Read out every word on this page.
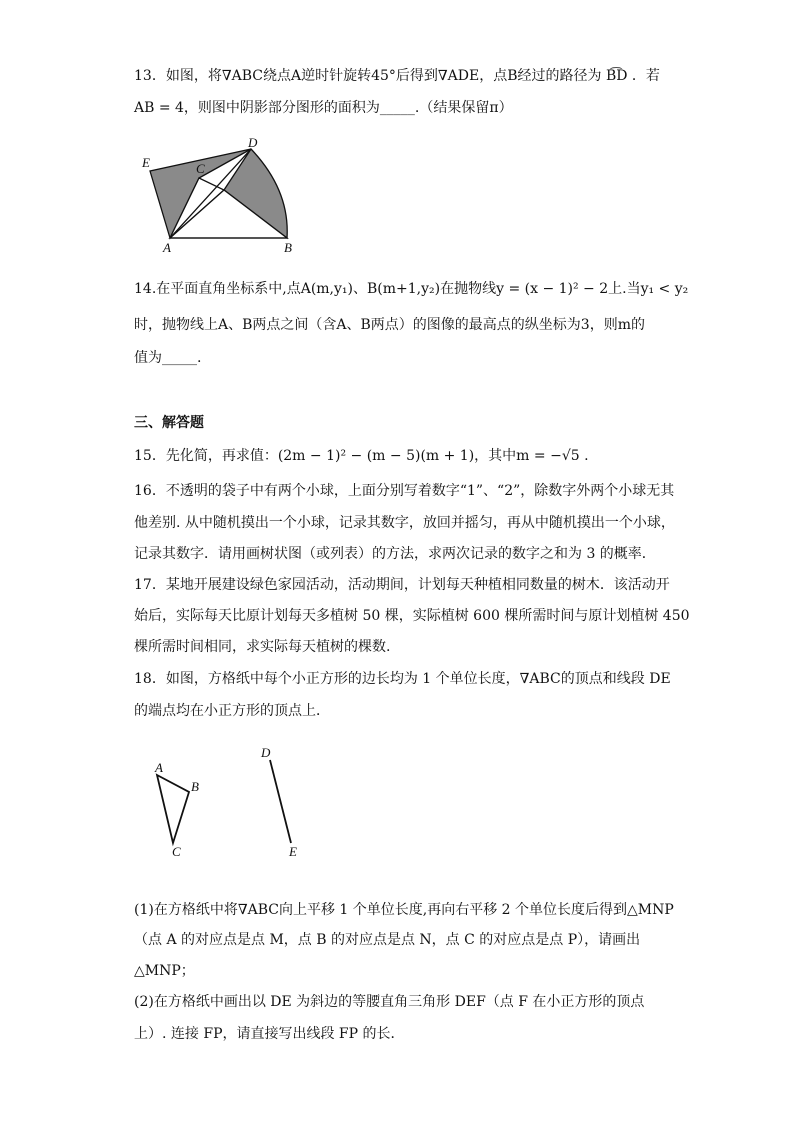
13．如图，将∇ABC绕点A逆时针旋转45°后得到∇ADE，点B经过的路径为 B͡D ．若
AB = 4，则图中阴影部分图形的面积为_____.（结果保留π）
E	C
D
A	B
14.在平面直角坐标系中,点A(m,y₁)、B(m+1,y₂)在抛物线y = (x − 1)² − 2上.当y₁ < y₂
时，抛物线上A、B两点之间（含A、B两点）的图像的最高点的纵坐标为3，则m的
值为_____.
三、解答题
15．先化简，再求值：(2m − 1)² − (m − 5)(m + 1)，其中m = −√5 .
16．不透明的袋子中有两个小球，上面分别写着数字“1”、“2”，除数字外两个小球无其
他差别. 从中随机摸出一个小球，记录其数字，放回并摇匀，再从中随机摸出一个小球，
记录其数字．请用画树状图（或列表）的方法，求两次记录的数字之和为 3 的概率．
17．某地开展建设绿色家园活动，活动期间，计划每天种植相同数量的树木．该活动开
始后，实际每天比原计划每天多植树 50 棵，实际植树 600 棵所需时间与原计划植树 450
棵所需时间相同，求实际每天植树的棵数.
18．如图，方格纸中每个小正方形的边长均为 1 个单位长度，∇ABC的顶点和线段 DE
的端点均在小正方形的顶点上．
A
B
C
D
E
(1)在方格纸中将∇ABC向上平移 1 个单位长度,再向右平移 2 个单位长度后得到△MNP
（点 A 的对应点是点 M，点 B 的对应点是点 N，点 C 的对应点是点 P），请画出
△MNP；
(2)在方格纸中画出以 DE 为斜边的等腰直角三角形 DEF（点 F 在小正方形的顶点
上）. 连接 FP，请直接写出线段 FP 的长．
